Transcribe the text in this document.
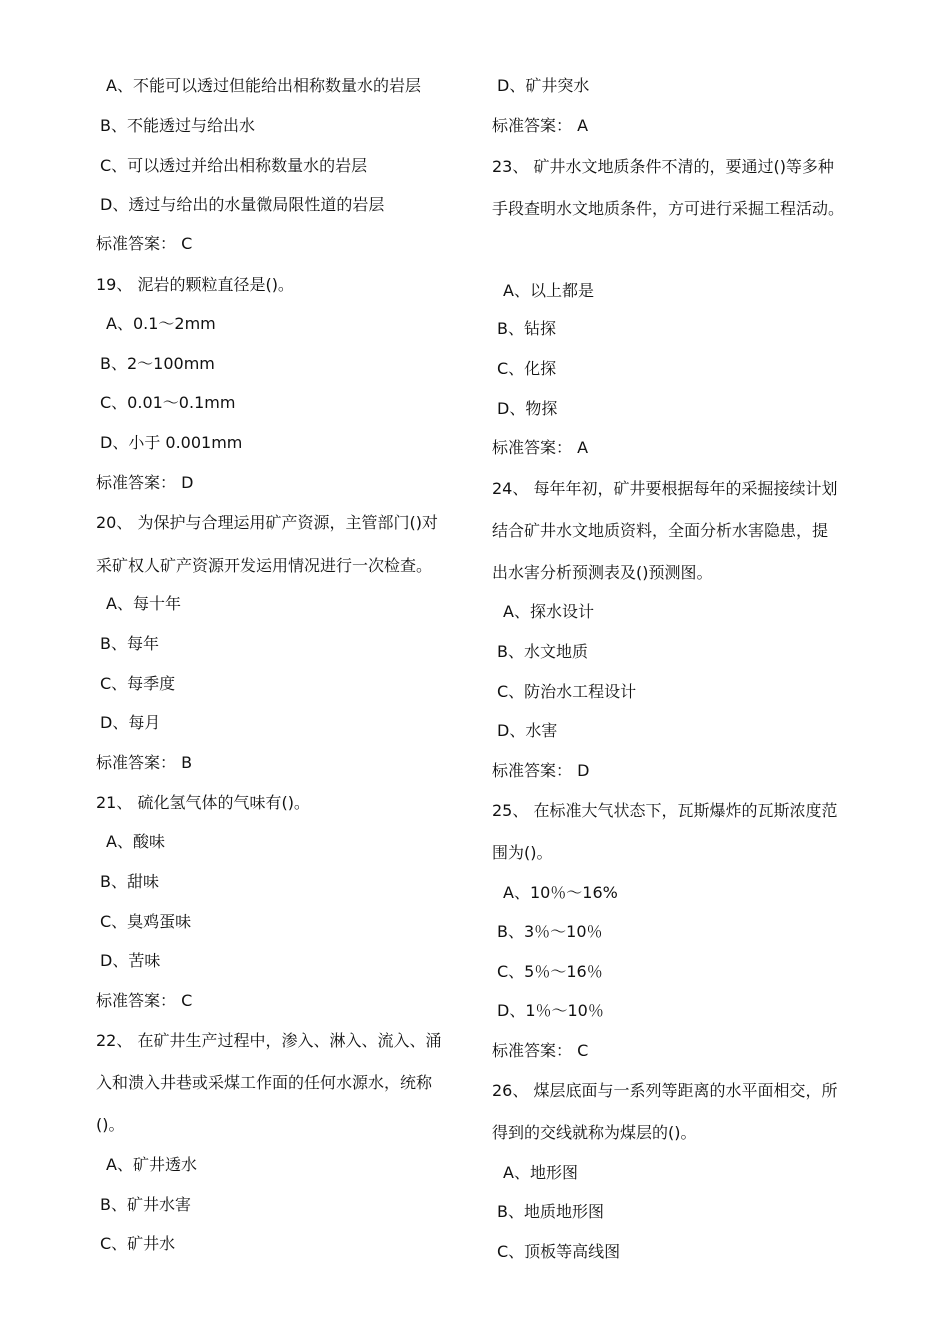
A、不能可以透过但能给出相称数量水的岩层
B、不能透过与给出水
C、可以透过并给出相称数量水的岩层
D、透过与给出的水量微局限性道的岩层
标准答案： C
19、 泥岩的颗粒直径是()。
A、0.1～2mm
B、2～100mm
C、0.01～0.1mm
D、小于 0.001mm
标准答案： D
20、 为保护与合理运用矿产资源，主管部门()对
采矿权人矿产资源开发运用情况进行一次检查。
A、每十年
B、每年
C、每季度
D、每月
标准答案： B
21、 硫化氢气体的气味有()。
A、酸味
B、甜味
C、臭鸡蛋味
D、苦味
标准答案： C
22、 在矿井生产过程中，渗入、淋入、流入、涌
入和溃入井巷或采煤工作面的任何水源水，统称
()。
A、矿井透水
B、矿井水害
C、矿井水
D、矿井突水
标准答案： A
23、 矿井水文地质条件不清的，要通过()等多种
手段查明水文地质条件，方可进行采掘工程活动。
A、以上都是
B、钻探
C、化探
D、物探
标准答案： A
24、 每年年初，矿井要根据每年的采掘接续计划
结合矿井水文地质资料，全面分析水害隐患，提
出水害分析预测表及()预测图。
A、探水设计
B、水文地质
C、防治水工程设计
D、水害
标准答案： D
25、 在标准大气状态下，瓦斯爆炸的瓦斯浓度范
围为()。
A、10％～16%
B、3％～10％
C、5％～16％
D、1％～10％
标准答案： C
26、 煤层底面与一系列等距离的水平面相交，所
得到的交线就称为煤层的()。
A、地形图
B、地质地形图
C、顶板等高线图
